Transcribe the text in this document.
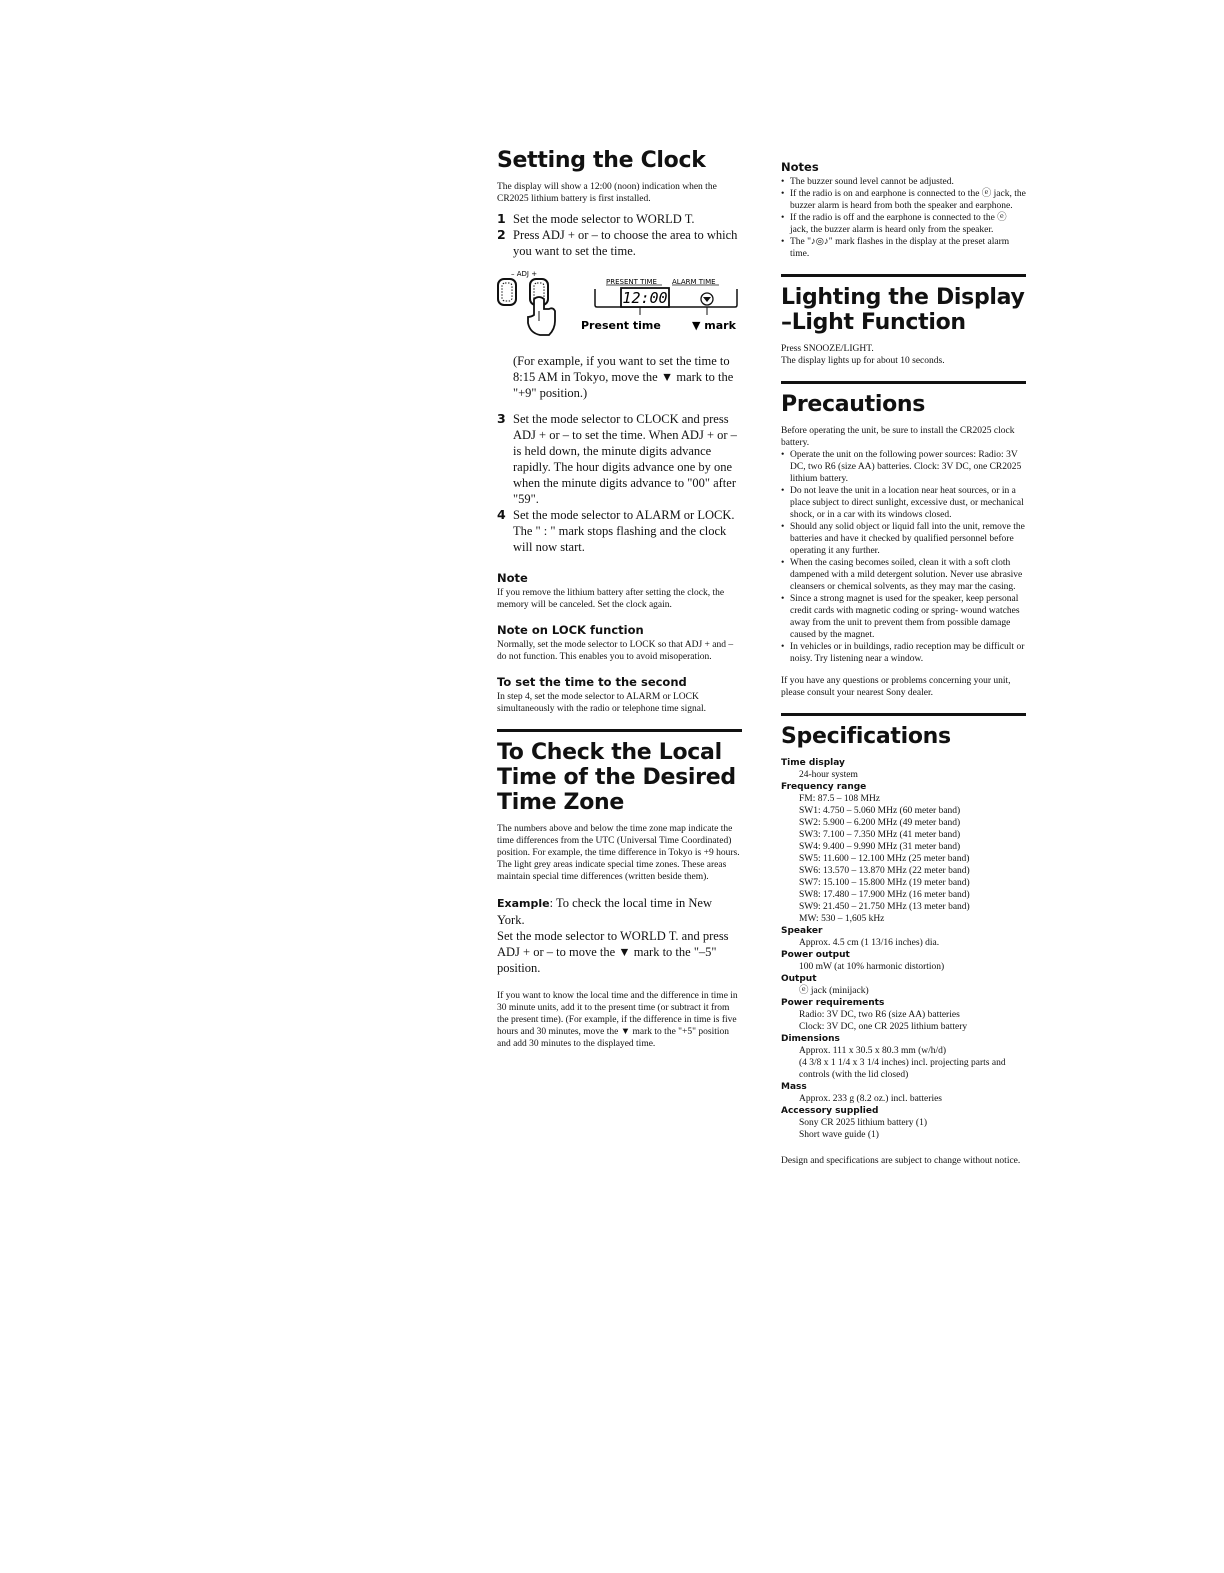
Setting the Clock

The display will show a 12:00 (noon) indication when the CR2025 lithium battery is first installed.

1 Set the mode selector to WORLD T.
2 Press ADJ + or – to choose the area to which you want to set the time.
– ADJ +
PRESENT TIME ALARM TIME
12:00
Present time	▼ mark

(For example, if you want to set the time to 8:15 AM in Tokyo, move the ▼ mark to the "+9" position.)

3 Set the mode selector to CLOCK and press ADJ + or – to set the time. When ADJ + or – is held down, the minute digits advance rapidly. The hour digits advance one by one when the minute digits advance to "00" after "59".
4 Set the mode selector to ALARM or LOCK. The " : " mark stops flashing and the clock will now start.
Note

If you remove the lithium battery after setting the clock, the memory will be canceled. Set the clock again.

Note on LOCK function

Normally, set the mode selector to LOCK so that ADJ + and – do not function. This enables you to avoid misoperation.

To set the time to the second

In step 4, set the mode selector to ALARM or LOCK simultaneously with the radio or telephone time signal.

To Check the Local Time of the Desired Time Zone

The numbers above and below the time zone map indicate the time differences from the UTC (Universal Time Coordinated) position. For example, the time difference in Tokyo is +9 hours. The light grey areas indicate special time zones. These areas maintain special time differences (written beside them).

Example: To check the local time in New York.

Set the mode selector to WORLD T. and press ADJ + or – to move the ▼ mark to the "–5" position.

If you want to know the local time and the difference in time in 30 minute units, add it to the present time (or subtract it from the present time). (For example, if the difference in time is five hours and 30 minutes, move the ▼ mark to the "+5" position and add 30 minutes to the displayed time.

Notes
• The buzzer sound level cannot be adjusted.
• If the radio is on and earphone is connected to the ⓔ jack, the buzzer alarm is heard from both the speaker and earphone.
• If the radio is off and the earphone is connected to the ⓔ jack, the buzzer alarm is heard only from the speaker.
• The "♪◎♪" mark flashes in the display at the preset alarm time.
Lighting the Display –Light Function

Press SNOOZE/LIGHT.

The display lights up for about 10 seconds.

Precautions

Before operating the unit, be sure to install the CR2025 clock battery.

• Operate the unit on the following power sources: Radio: 3V DC, two R6 (size AA) batteries. Clock: 3V DC, one CR2025 lithium battery.
• Do not leave the unit in a location near heat sources, or in a place subject to direct sunlight, excessive dust, or mechanical shock, or in a car with its windows closed.
• Should any solid object or liquid fall into the unit, remove the batteries and have it checked by qualified personnel before operating it any further.
• When the casing becomes soiled, clean it with a soft cloth dampened with a mild detergent solution. Never use abrasive cleansers or chemical solvents, as they may mar the casing.
• Since a strong magnet is used for the speaker, keep personal credit cards with magnetic coding or spring- wound watches away from the unit to prevent them from possible damage caused by the magnet.
• In vehicles or in buildings, radio reception may be difficult or noisy. Try listening near a window.

If you have any questions or problems concerning your unit, please consult your nearest Sony dealer.

Specifications
Time display
24-hour system
Frequency range
FM: 87.5 – 108 MHz
SW1: 4.750 – 5.060 MHz (60 meter band)
SW2: 5.900 – 6.200 MHz (49 meter band)
SW3: 7.100 – 7.350 MHz (41 meter band)
SW4: 9.400 – 9.990 MHz (31 meter band)
SW5: 11.600 – 12.100 MHz (25 meter band)
SW6: 13.570 – 13.870 MHz (22 meter band)
SW7: 15.100 – 15.800 MHz (19 meter band)
SW8: 17.480 – 17.900 MHz (16 meter band)
SW9: 21.450 – 21.750 MHz (13 meter band)
MW: 530 – 1,605 kHz
Speaker
Approx. 4.5 cm (1 13/16 inches) dia.
Power output
100 mW (at 10% harmonic distortion)
Output
ⓔ jack (minijack)
Power requirements
Radio: 3V DC, two R6 (size AA) batteries
Clock: 3V DC, one CR 2025 lithium battery
Dimensions
Approx. 111 x 30.5 x 80.3 mm (w/h/d)
(4 3/8 x 1 1/4 x 3 1/4 inches) incl. projecting parts and controls (with the lid closed)
Mass
Approx. 233 g (8.2 oz.) incl. batteries
Accessory supplied
Sony CR 2025 lithium battery (1)
Short wave guide (1)

Design and specifications are subject to change without notice.
